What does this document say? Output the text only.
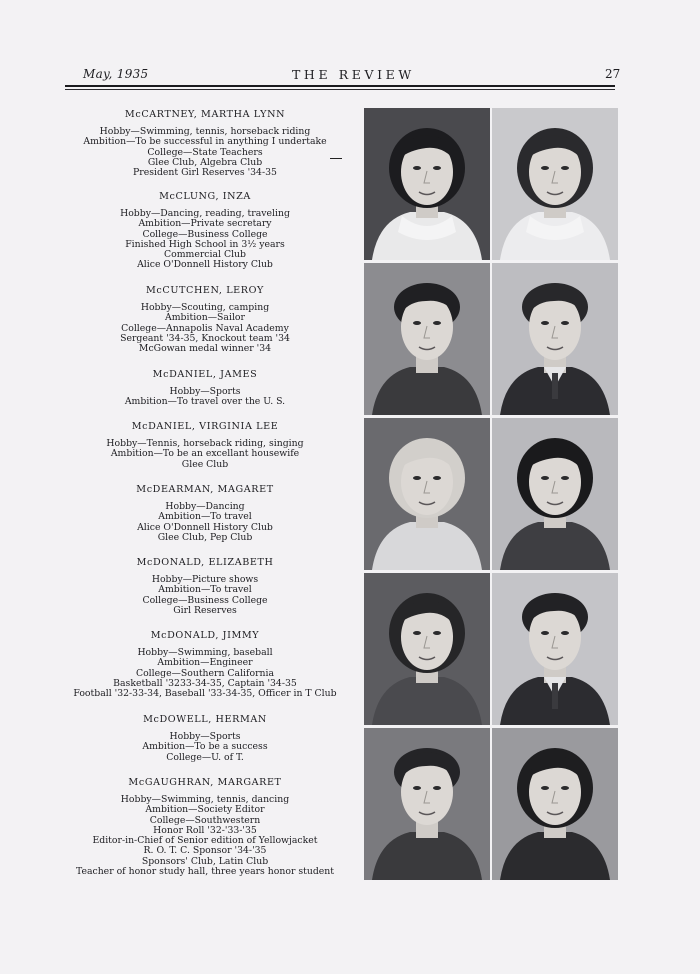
May, 1935	THE REVIEW	27
McCARTNEY, MARTHA LYNN
Hobby—Swimming, tennis, horseback riding
Ambition—To be successful in anything I undertake
College—State Teachers
Glee Club, Algebra Club
President Girl Reserves '34-35
McCLUNG, INZA
Hobby—Dancing, reading, traveling
Ambition—Private secretary
College—Business College
Finished High School in 3½ years
Commercial Club
Alice O'Donnell History Club
McCUTCHEN, LEROY
Hobby—Scouting, camping
Ambition—Sailor
College—Annapolis Naval Academy
Sergeant '34-35, Knockout team '34
McGowan medal winner '34
McDANIEL, JAMES
Hobby—Sports
Ambition—To travel over the U. S.
McDANIEL, VIRGINIA LEE
Hobby—Tennis, horseback riding, singing
Ambition—To be an excellant housewife
Glee Club
McDEARMAN, MAGARET
Hobby—Dancing
Ambition—To travel
Alice O'Donnell History Club
Glee Club, Pep Club
McDONALD, ELIZABETH
Hobby—Picture shows
Ambition—To travel
College—Business College
Girl Reserves
McDONALD, JIMMY
Hobby—Swimming, baseball
Ambition—Engineer
College—Southern California
Basketball '3233-34-35, Captain '34-35
Football '32-33-34, Baseball '33-34-35, Officer in T Club
McDOWELL, HERMAN
Hobby—Sports
Ambition—To be a success
College—U. of T.
McGAUGHRAN, MARGARET
Hobby—Swimming, tennis, dancing
Ambition—Society Editor
College—Southwestern
Honor Roll '32-'33-'35
Editor-in-Chief of Senior edition of Yellowjacket
R. O. T. C. Sponsor '34-'35
Sponsors' Club, Latin Club
Teacher of honor study hall, three years honor student
